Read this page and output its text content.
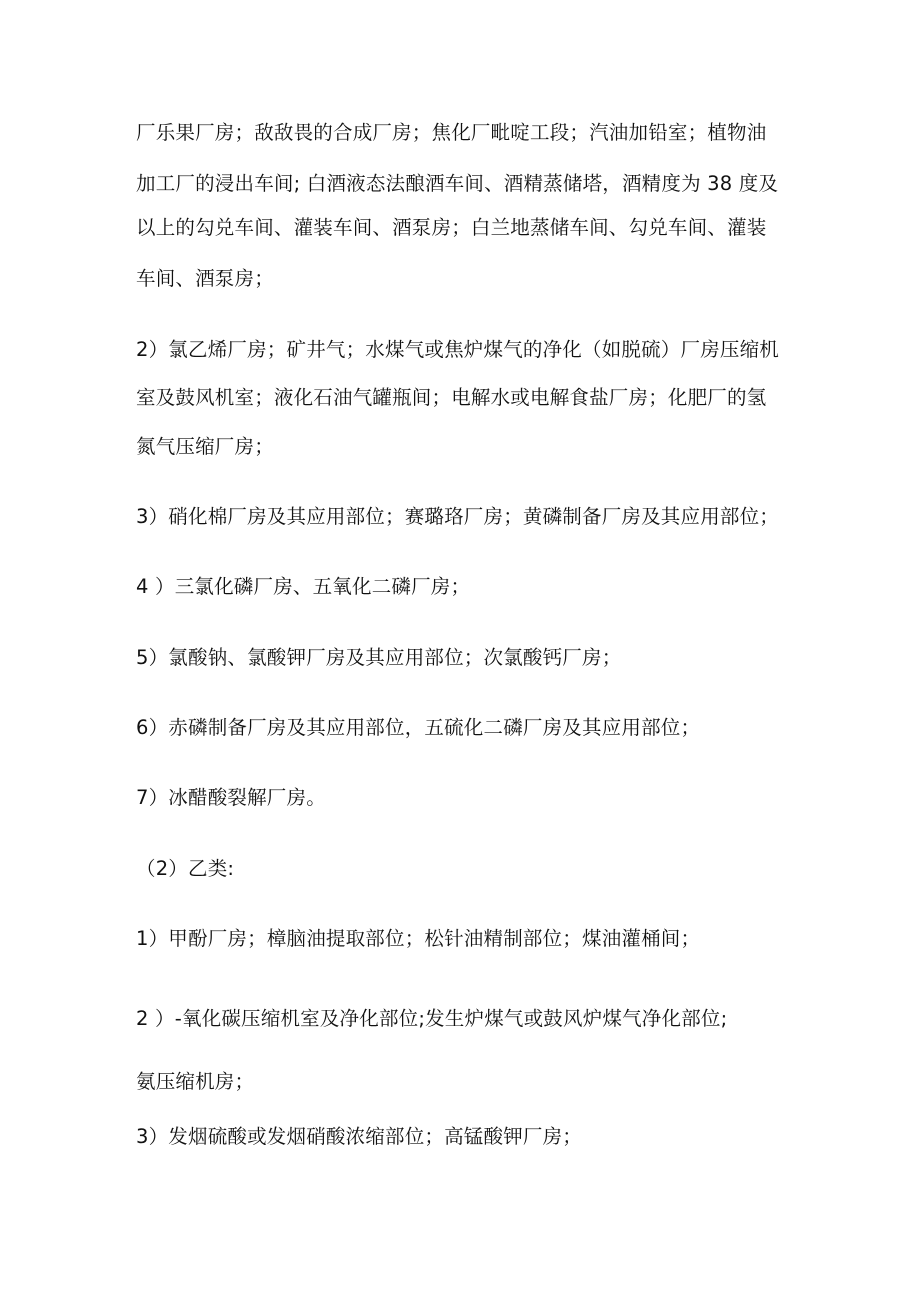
厂乐果厂房；敌敌畏的合成厂房；焦化厂毗啶工段；汽油加铅室；植物油
加工厂的浸出车间; 白酒液态法酿酒车间、酒精蒸储塔，酒精度为 38 度及
以上的勾兑车间、灌装车间、酒泵房；白兰地蒸储车间、勾兑车间、灌装
车间、酒泵房；
2）氯乙烯厂房；矿井气；水煤气或焦炉煤气的净化（如脱硫）厂房压缩机
室及鼓风机室；液化石油气罐瓶间；电解水或电解食盐厂房；化肥厂的氢
氮气压缩厂房；
3）硝化棉厂房及其应用部位；赛璐珞厂房；黄磷制备厂房及其应用部位；
4 ）三氯化磷厂房、五氧化二磷厂房；
5）氯酸钠、氯酸钾厂房及其应用部位；次氯酸钙厂房；
6）赤磷制备厂房及其应用部位，五硫化二磷厂房及其应用部位；
7）冰醋酸裂解厂房。
（2）乙类:
1）甲酚厂房；樟脑油提取部位；松针油精制部位；煤油灌桶间；
2 ）-氧化碳压缩机室及净化部位;发生炉煤气或鼓风炉煤气净化部位;
氨压缩机房；
3）发烟硫酸或发烟硝酸浓缩部位；高锰酸钾厂房；
